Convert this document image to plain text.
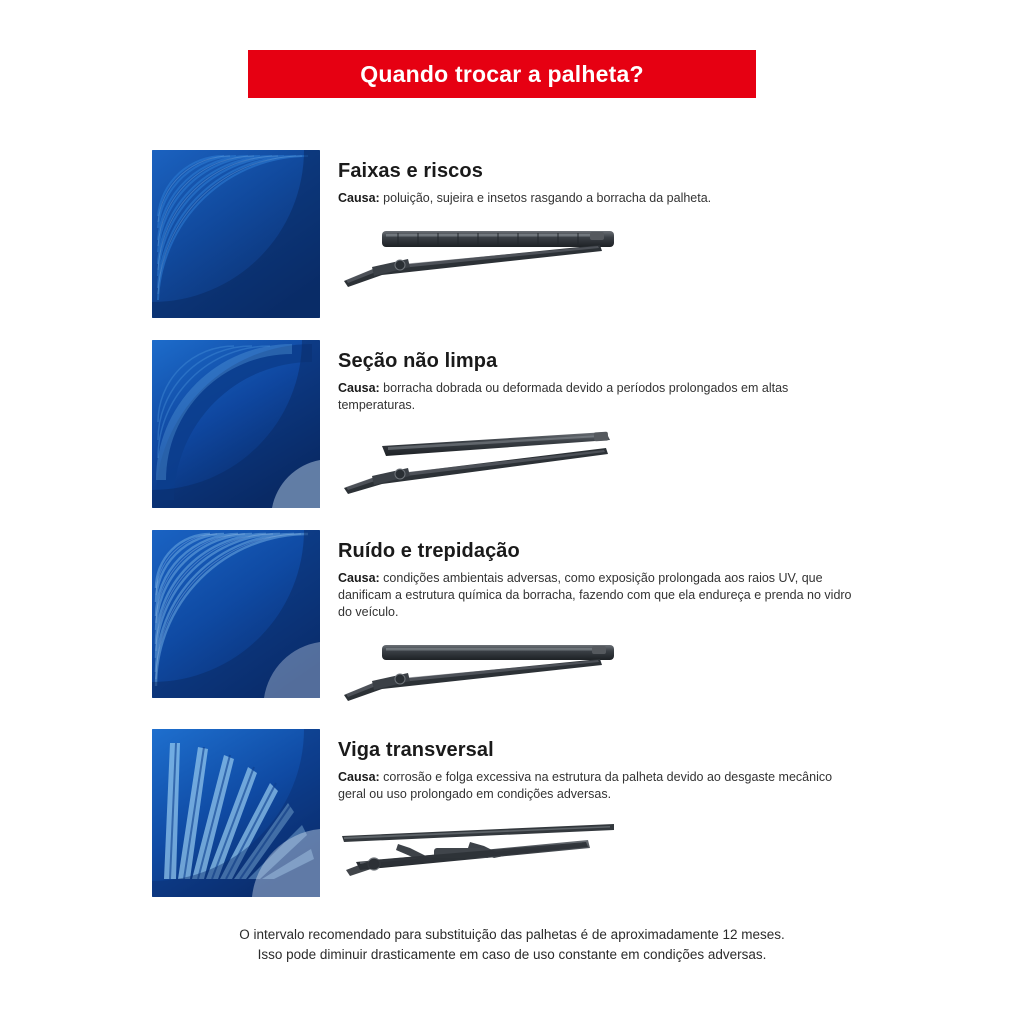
Quando trocar a palheta?
Faixas e riscos

Causa: poluição, sujeira e insetos rasgando a borracha da palheta.

Seção não limpa

Causa: borracha dobrada ou deformada devido a períodos prolongados em altas temperaturas.

Ruído e trepidação

Causa: condições ambientais adversas, como exposição prolongada aos raios UV, que danificam a estrutura química da borracha, fazendo com que ela endureça e prenda no vidro do veículo.

Viga transversal

Causa: corrosão e folga excessiva na estrutura da palheta devido ao desgaste mecânico geral ou uso prolongado em condições adversas.

O intervalo recomendado para substituição das palhetas é de aproximadamente 12 meses.
Isso pode diminuir drasticamente em caso de uso constante em condições adversas.
